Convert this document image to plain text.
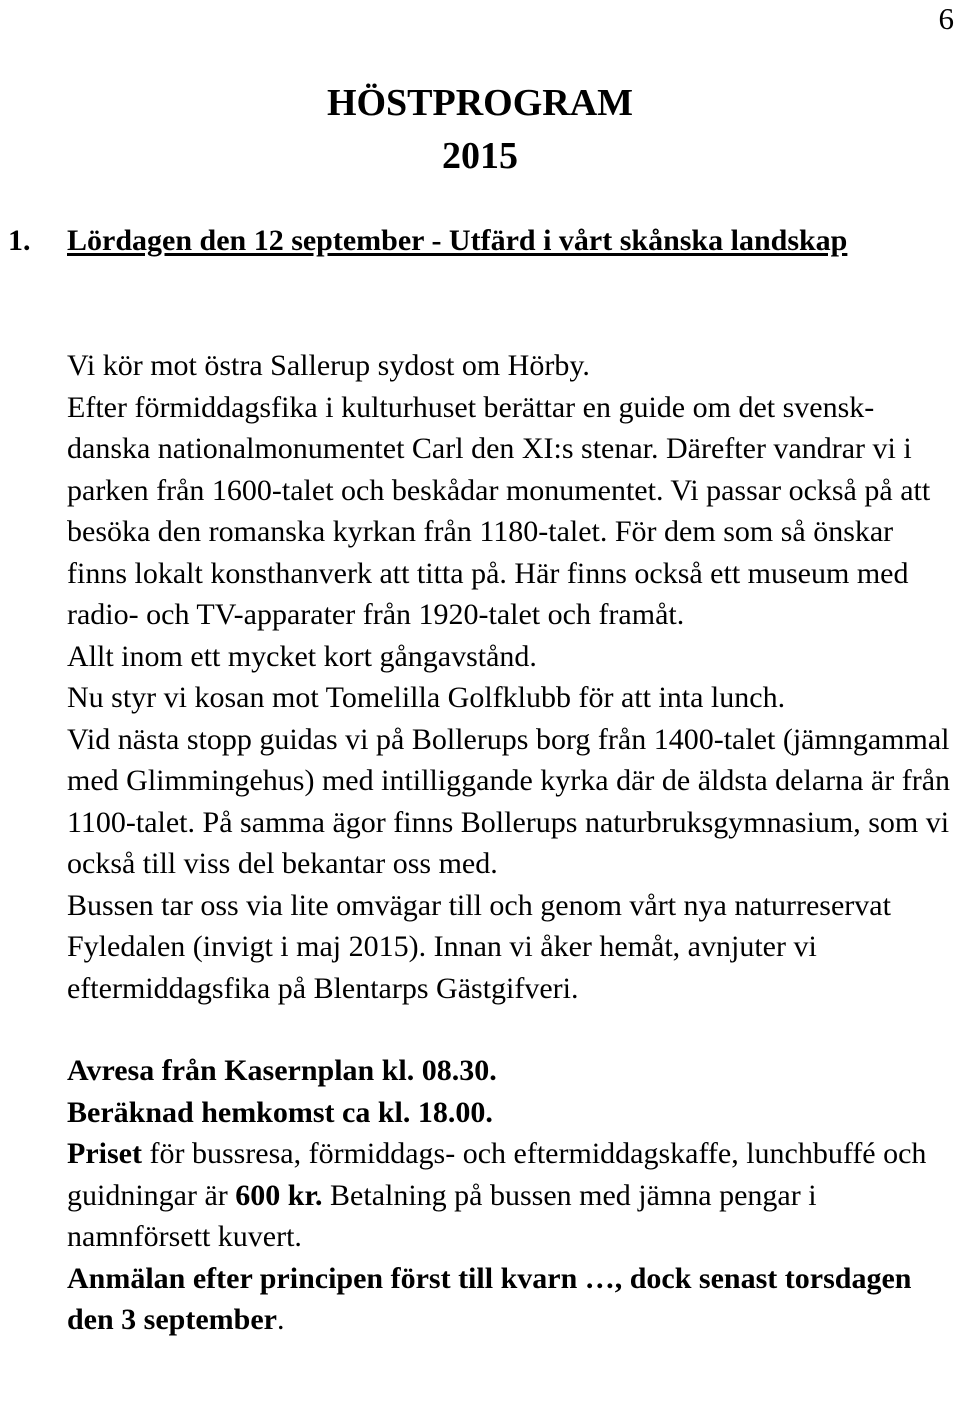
6
HÖSTPROGRAM
2015
1. Lördagen den 12 september - Utfärd i vårt skånska landskap

Vi kör mot östra Sallerup sydost om Hörby.

Efter förmiddagsfika i kulturhuset berättar en guide om det svensk-danska nationalmonumentet Carl den XI:s stenar. Därefter vandrar vi i parken från 1600-talet och beskådar monumentet. Vi passar också på att besöka den romanska kyrkan från 1180-talet. För dem som så önskar finns lokalt konsthanverk att titta på. Här finns också ett museum med radio- och TV-apparater från 1920-talet och framåt.

Allt inom ett mycket kort gångavstånd.

Nu styr vi kosan mot Tomelilla Golfklubb för att inta lunch.

Vid nästa stopp guidas vi på Bollerups borg från 1400-talet (jämngammal med Glimmingehus) med intilliggande kyrka där de äldsta delarna är från 1100-talet. På samma ägor finns Bollerups naturbruksgymnasium, som vi också till viss del bekantar oss med.

Bussen tar oss via lite omvägar till och genom vårt nya naturreservat Fyledalen (invigt i maj 2015). Innan vi åker hemåt, avnjuter vi eftermiddagsfika på Blentarps Gästgifveri.

Avresa från Kasernplan kl. 08.30.

Beräknad hemkomst ca kl. 18.00.

Priset för bussresa, förmiddags- och eftermiddagskaffe, lunchbuffé och guidningar är 600 kr. Betalning på bussen med jämna pengar i namnförsett kuvert.

Anmälan efter principen först till kvarn …, dock senast torsdagen den 3 september.
